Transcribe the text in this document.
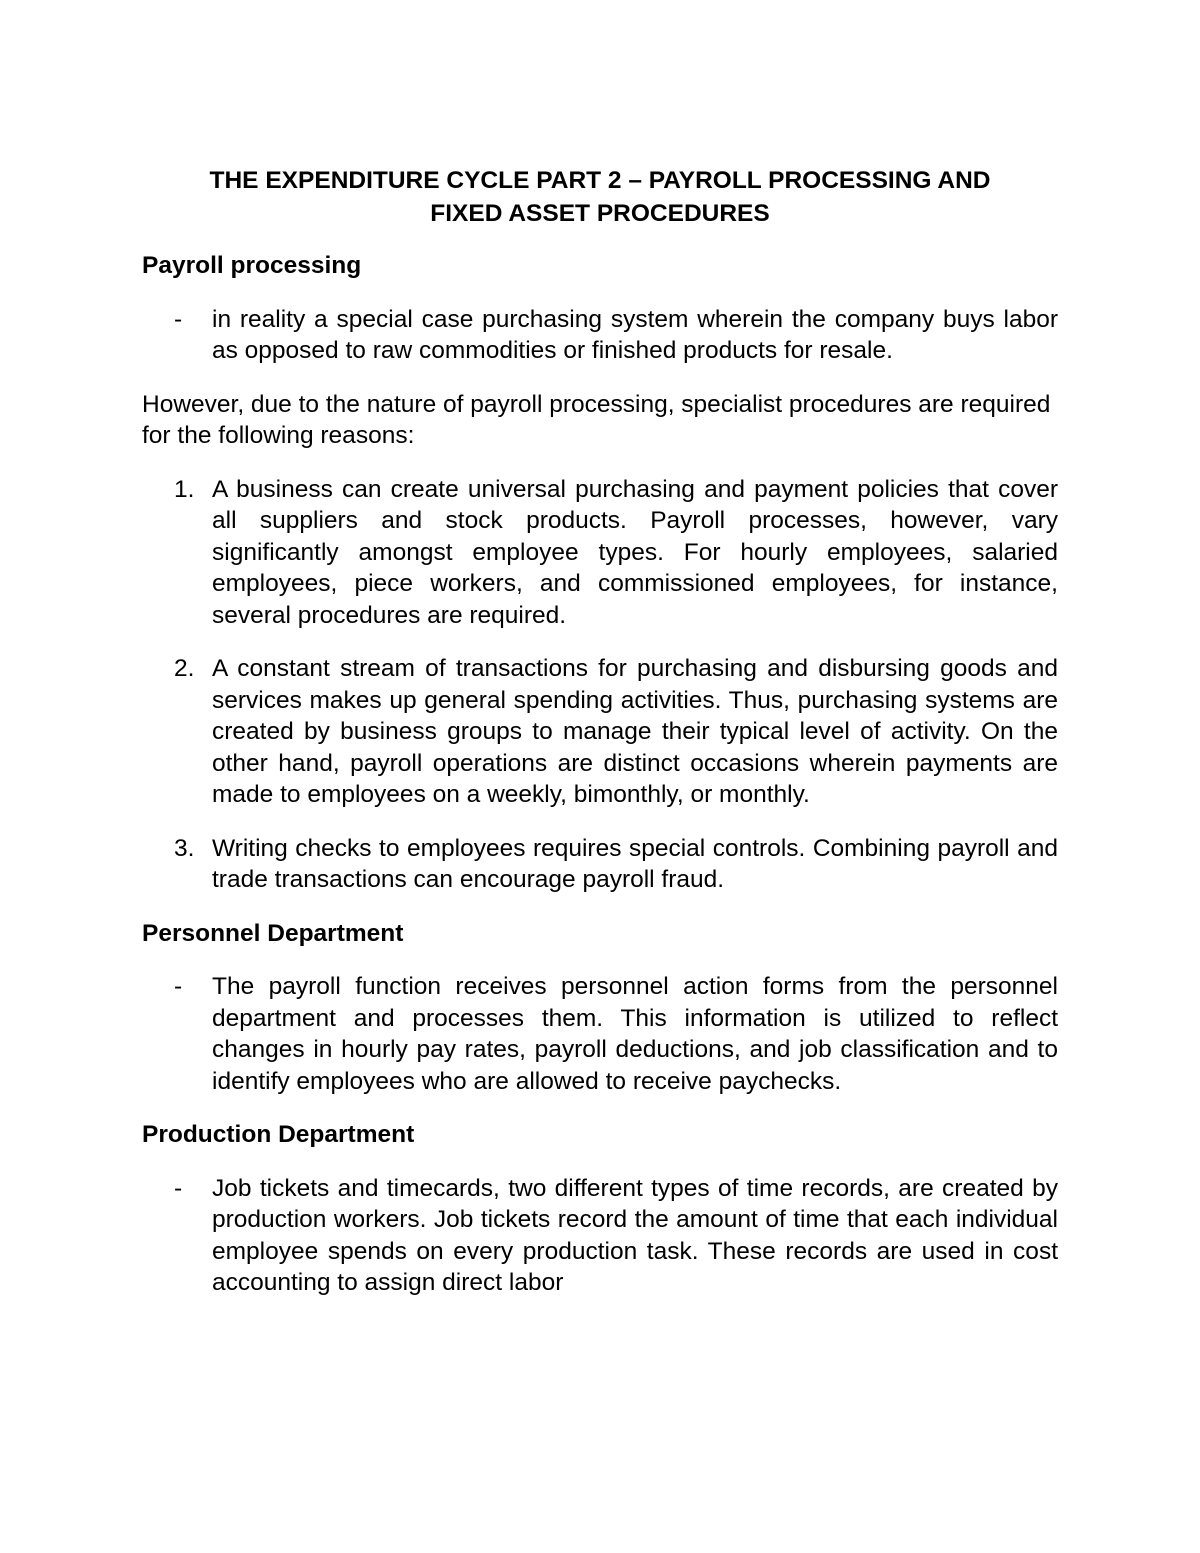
THE EXPENDITURE CYCLE PART 2 – PAYROLL PROCESSING AND
FIXED ASSET PROCEDURES
Payroll processing
-	in reality a special case purchasing system wherein the company buys labor as opposed to raw commodities or finished products for resale.
However, due to the nature of payroll processing, specialist procedures are required for the following reasons:
1. A business can create universal purchasing and payment policies that cover all suppliers and stock products. Payroll processes, however, vary significantly amongst employee types. For hourly employees, salaried employees, piece workers, and commissioned employees, for instance, several procedures are required.
2. A constant stream of transactions for purchasing and disbursing goods and services makes up general spending activities. Thus, purchasing systems are created by business groups to manage their typical level of activity. On the other hand, payroll operations are distinct occasions wherein payments are made to employees on a weekly, bimonthly, or monthly.
3. Writing checks to employees requires special controls. Combining payroll and trade transactions can encourage payroll fraud.
Personnel Department
-	The payroll function receives personnel action forms from the personnel department and processes them. This information is utilized to reflect changes in hourly pay rates, payroll deductions, and job classification and to identify employees who are allowed to receive paychecks.
Production Department
-	Job tickets and timecards, two different types of time records, are created by production workers. Job tickets record the amount of time that each individual employee spends on every production task. These records are used in cost accounting to assign direct labor
